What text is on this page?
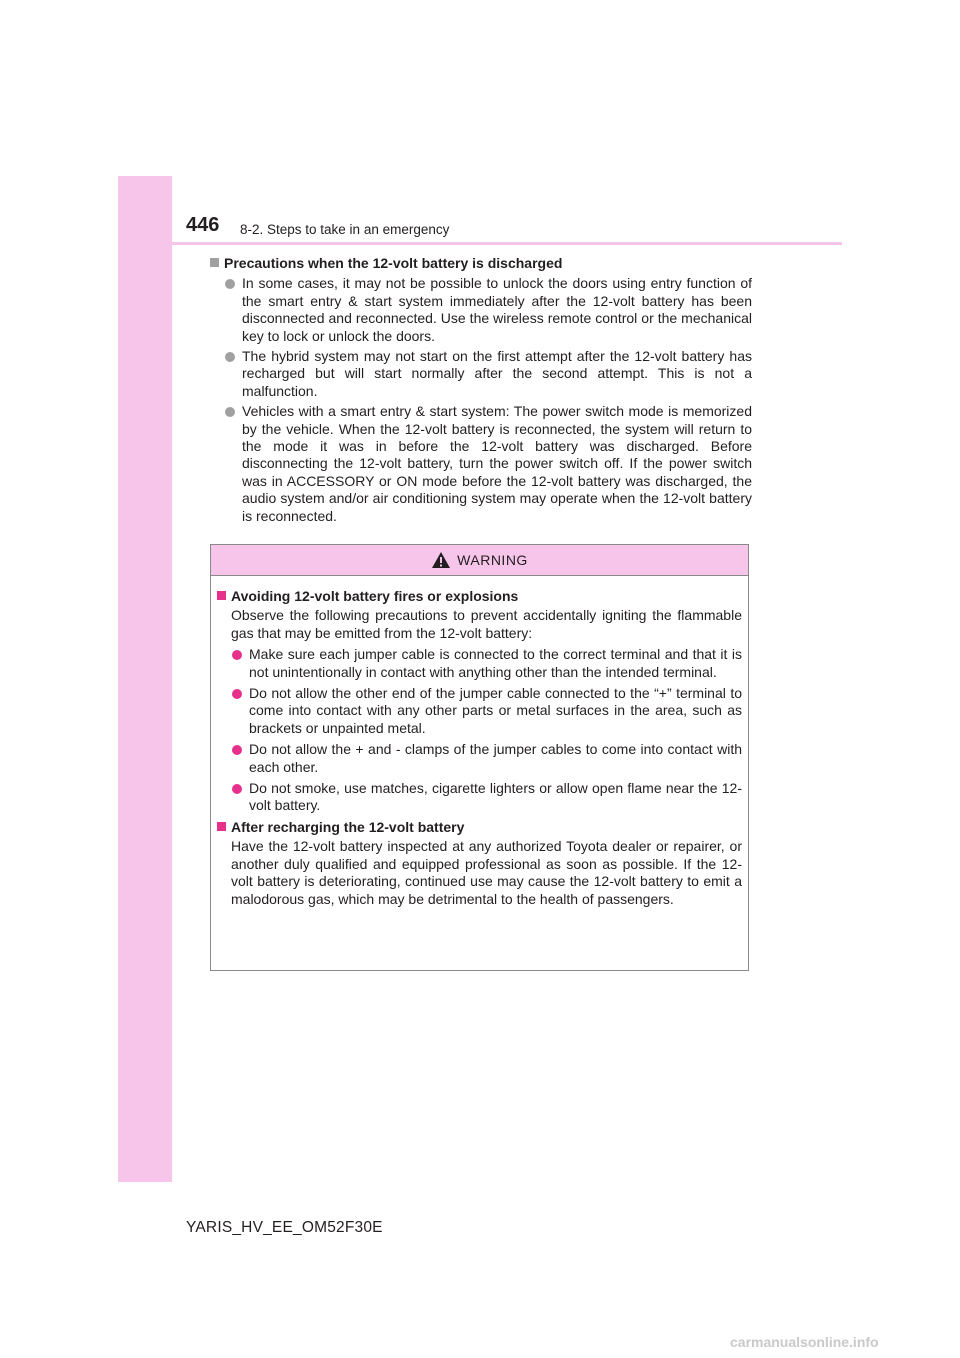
446 8-2. Steps to take in an emergency
Precautions when the 12-volt battery is discharged
In some cases, it may not be possible to unlock the doors using entry function of the smart entry & start system immediately after the 12-volt battery has been disconnected and reconnected. Use the wireless remote control or the mechanical key to lock or unlock the doors.
The hybrid system may not start on the first attempt after the 12-volt battery has recharged but will start normally after the second attempt. This is not a malfunction.
Vehicles with a smart entry & start system: The power switch mode is memorized by the vehicle. When the 12-volt battery is reconnected, the system will return to the mode it was in before the 12-volt battery was discharged. Before disconnecting the 12-volt battery, turn the power switch off. If the power switch was in ACCESSORY or ON mode before the 12-volt battery was discharged, the audio system and/or air conditioning system may operate when the 12-volt battery is reconnected.
WARNING
Avoiding 12-volt battery fires or explosions
Observe the following precautions to prevent accidentally igniting the flammable gas that may be emitted from the 12-volt battery:
Make sure each jumper cable is connected to the correct terminal and that it is not unintentionally in contact with anything other than the intended terminal.
Do not allow the other end of the jumper cable connected to the “+” terminal to come into contact with any other parts or metal surfaces in the area, such as brackets or unpainted metal.
Do not allow the + and - clamps of the jumper cables to come into contact with each other.
Do not smoke, use matches, cigarette lighters or allow open flame near the 12-volt battery.
After recharging the 12-volt battery
Have the 12-volt battery inspected at any authorized Toyota dealer or repairer, or another duly qualified and equipped professional as soon as possible. If the 12-volt battery is deteriorating, continued use may cause the 12-volt battery to emit a malodorous gas, which may be detrimental to the health of passengers.
YARIS_HV_EE_OM52F30E
carmanualsonline.info
